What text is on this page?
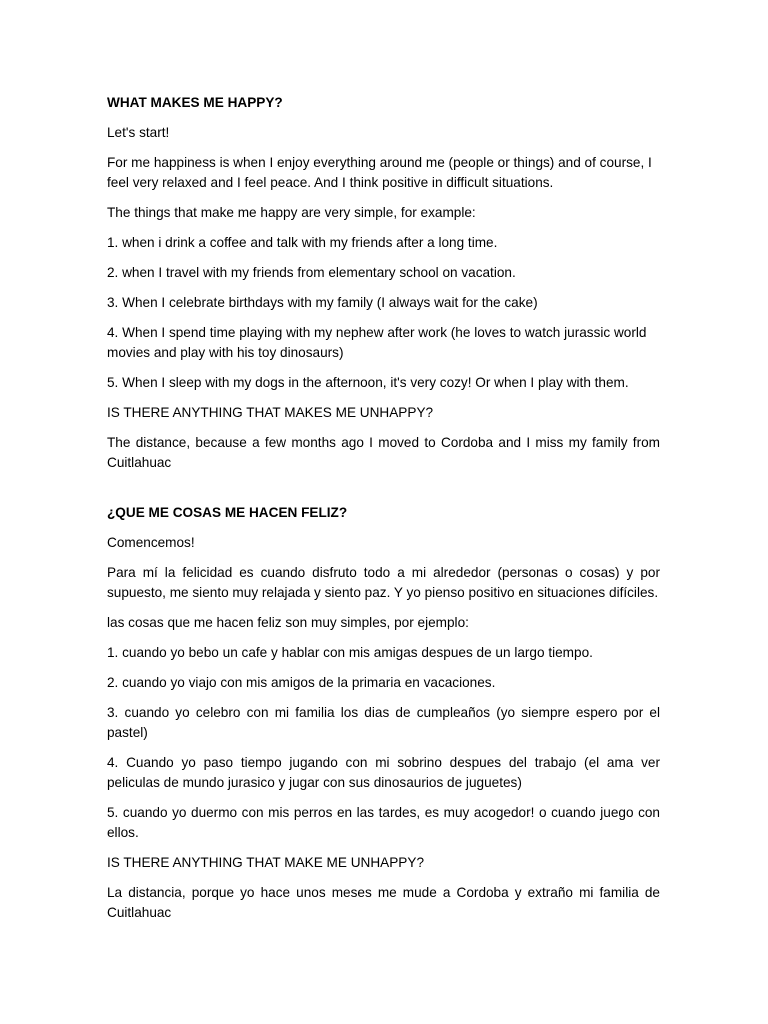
WHAT MAKES ME HAPPY?

Let's start!

For me happiness is when I enjoy everything around me (people or things) and of course, I feel very relaxed and I feel peace. And I think positive in difficult situations.

The things that make me happy are very simple, for example:

1. when i drink a coffee and talk with my friends after a long time.

2. when I travel with my friends from elementary school on vacation.

3. When I celebrate birthdays with my family (I always wait for the cake)

4. When I spend time playing with my nephew after work (he loves to watch jurassic world movies and play with his toy dinosaurs)

5. When I sleep with my dogs in the afternoon, it's very cozy! Or when I play with them.

IS THERE ANYTHING THAT MAKES ME UNHAPPY?

The distance, because a few months ago I moved to Cordoba and I miss my family from Cuitlahuac

¿QUE ME COSAS ME HACEN FELIZ?

Comencemos!

Para mí la felicidad es cuando disfruto todo a mi alrededor (personas o cosas) y por supuesto, me siento muy relajada y siento paz. Y yo pienso positivo en situaciones difíciles.

las cosas que me hacen feliz son muy simples, por ejemplo:

1. cuando yo bebo un cafe y hablar con mis amigas despues de un largo tiempo.

2. cuando yo viajo con mis amigos de la primaria en vacaciones.

3. cuando yo celebro con mi familia los dias de cumpleaños (yo siempre espero por el pastel)

4. Cuando yo paso tiempo jugando con mi sobrino despues del trabajo (el ama ver peliculas de mundo jurasico y jugar con sus dinosaurios de juguetes)

5. cuando yo duermo con mis perros en las tardes, es muy acogedor! o cuando juego con ellos.

IS THERE ANYTHING THAT MAKE ME UNHAPPY?

La distancia, porque yo hace unos meses me mude a Cordoba y extraño mi familia de Cuitlahuac
